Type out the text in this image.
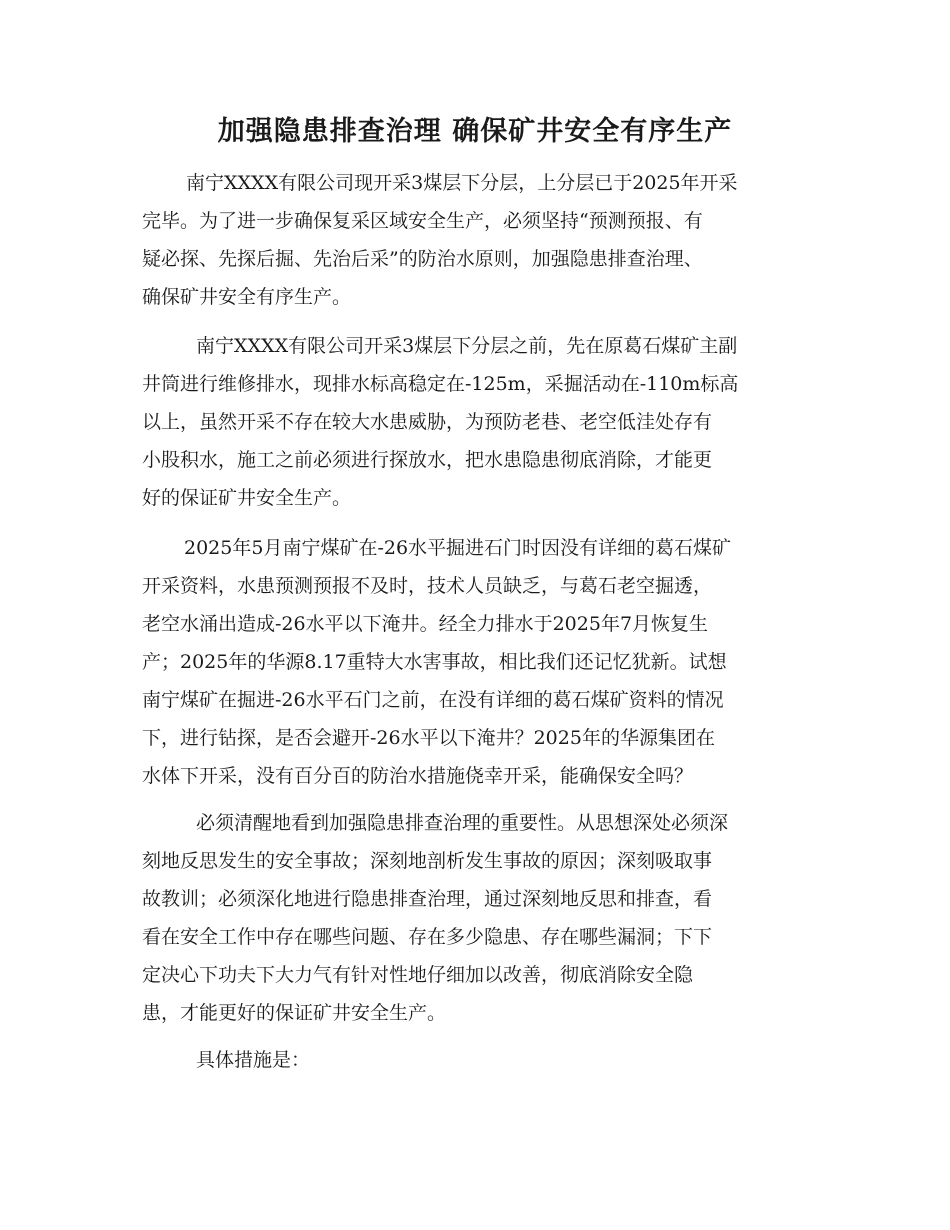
加强隐患排查治理 确保矿井安全有序生产
南宁XXXX有限公司现开采3煤层下分层，上分层已于2025年开采
完毕。为了进一步确保复采区域安全生产，必须坚持“预测预报、有
疑必探、先探后掘、先治后采”的防治水原则，加强隐患排查治理、
确保矿井安全有序生产。
南宁XXXX有限公司开采3煤层下分层之前，先在原葛石煤矿主副
井筒进行维修排水，现排水标高稳定在-125m，采掘活动在-110m标高
以上，虽然开采不存在较大水患威胁，为预防老巷、老空低洼处存有
小股积水，施工之前必须进行探放水，把水患隐患彻底消除，才能更
好的保证矿井安全生产。
2025年5月南宁煤矿在-26水平掘进石门时因没有详细的葛石煤矿
开采资料，水患预测预报不及时，技术人员缺乏，与葛石老空掘透，
老空水涌出造成-26水平以下淹井。经全力排水于2025年7月恢复生
产；2025年的华源8.17重特大水害事故，相比我们还记忆犹新。试想
南宁煤矿在掘进-26水平石门之前，在没有详细的葛石煤矿资料的情况
下，进行钻探，是否会避开-26水平以下淹井？2025年的华源集团在
水体下开采，没有百分百的防治水措施侥幸开采，能确保安全吗？
必须清醒地看到加强隐患排查治理的重要性。从思想深处必须深
刻地反思发生的安全事故；深刻地剖析发生事故的原因；深刻吸取事
故教训；必须深化地进行隐患排查治理，通过深刻地反思和排查，看
看在安全工作中存在哪些问题、存在多少隐患、存在哪些漏洞；下下
定决心下功夫下大力气有针对性地仔细加以改善，彻底消除安全隐
患，才能更好的保证矿井安全生产。
具体措施是：
